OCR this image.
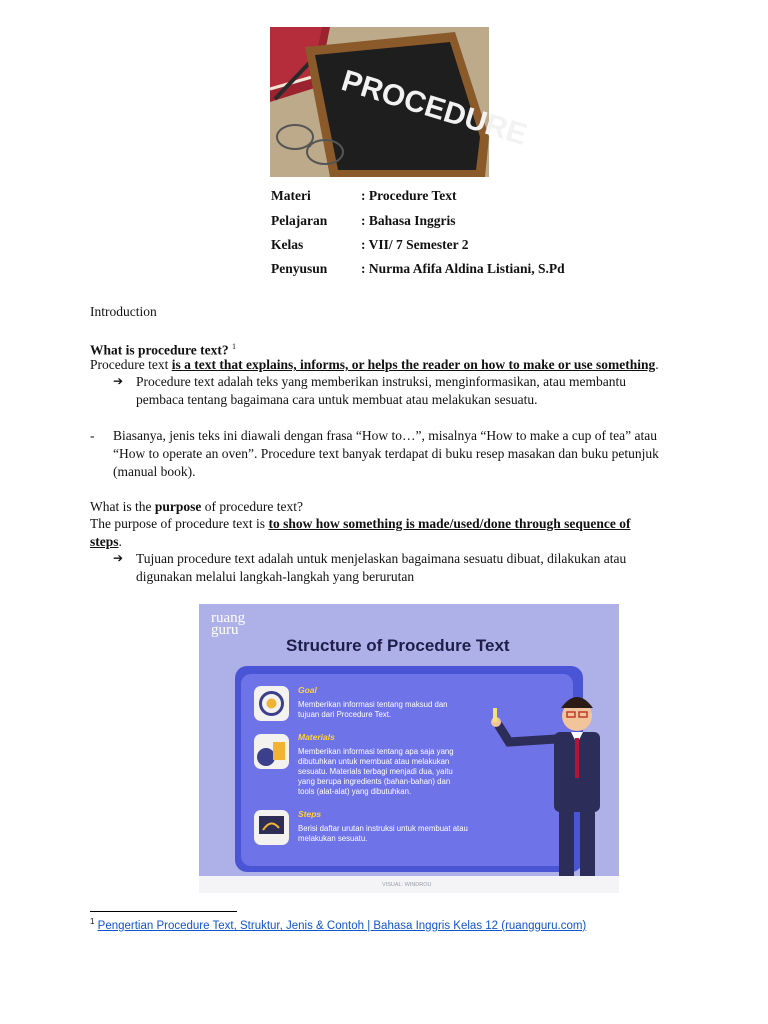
PROCEDURE
Materi	: Procedure Text
Pelajaran	: Bahasa Inggris
Kelas	: VII/ 7 Semester 2
Penyusun	: Nurma Afifa Aldina Listiani, S.Pd
Introduction
What is procedure text? $^1$
Procedure text is a text that explains, informs, or helps the reader on how to make or use something.
➔ Procedure text adalah teks yang memberikan instruksi, menginformasikan, atau membantu
pembaca tentang bagaimana cara untuk membuat atau melakukan sesuatu.
- Biasanya, jenis teks ini diawali dengan frasa “How to…”, misalnya “How to make a cup of tea” atau
“How to operate an oven”. Procedure text banyak terdapat di buku resep masakan dan buku petunjuk
(manual book).
What is the purpose of procedure text?
The purpose of procedure text is to show how something is made/used/done through sequence of
steps.
➔ Tujuan procedure text adalah untuk menjelaskan bagaimana sesuatu dibuat, dilakukan atau
digunakan melalui langkah-langkah yang berurutan
ruang
guru
Structure of Procedure Text
Goal
Memberikan informasi tentang maksud dan
tujuan dari Procedure Text.
Materials
Memberikan informasi tentang apa saja yang
dibutuhkan untuk membuat atau melakukan
sesuatu. Materials terbagi menjadi dua, yaitu
yang berupa ingredients (bahan-bahan) dan
tools (alat-alat) yang dibutuhkan.
Steps
Berisi daftar urutan instruksi untuk membuat atau
melakukan sesuatu.
VISUAL: WINDROU
$^1$ Pengertian Procedure Text, Struktur, Jenis & Contoh | Bahasa Inggris Kelas 12 (ruangguru.com)
